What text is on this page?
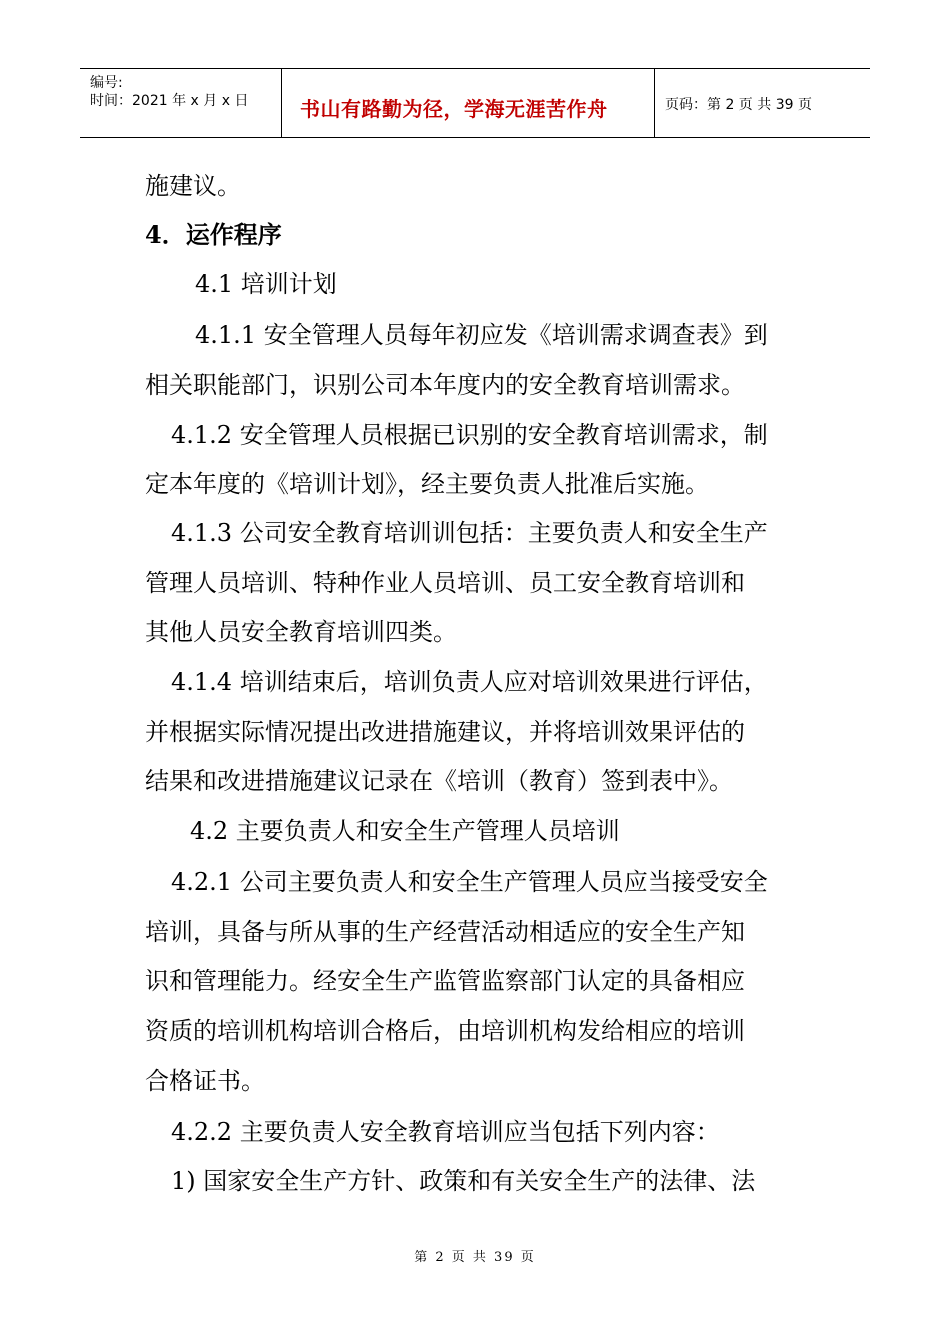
编号:
时间：2021 年 x 月 x 日	书山有路勤为径，学海无涯苦作舟	页码：第 2 页 共 39 页
施建议。
4．运作程序
4.1 培训计划
4.1.1 安全管理人员每年初应发《培训需求调查表》到
相关职能部门，识别公司本年度内的安全教育培训需求。
4.1.2 安全管理人员根据已识别的安全教育培训需求，制
定本年度的《培训计划》，经主要负责人批准后实施。
4.1.3 公司安全教育培训训包括：主要负责人和安全生产
管理人员培训、特种作业人员培训、员工安全教育培训和
其他人员安全教育培训四类。
4.1.4 培训结束后，培训负责人应对培训效果进行评估，
并根据实际情况提出改进措施建议，并将培训效果评估的
结果和改进措施建议记录在《培训（教育）签到表中》。
4.2 主要负责人和安全生产管理人员培训
4.2.1 公司主要负责人和安全生产管理人员应当接受安全
培训，具备与所从事的生产经营活动相适应的安全生产知
识和管理能力。经安全生产监管监察部门认定的具备相应
资质的培训机构培训合格后，由培训机构发给相应的培训
合格证书。
4.2.2 主要负责人安全教育培训应当包括下列内容：
1) 国家安全生产方针、政策和有关安全生产的法律、法
第 2 页 共 39 页
